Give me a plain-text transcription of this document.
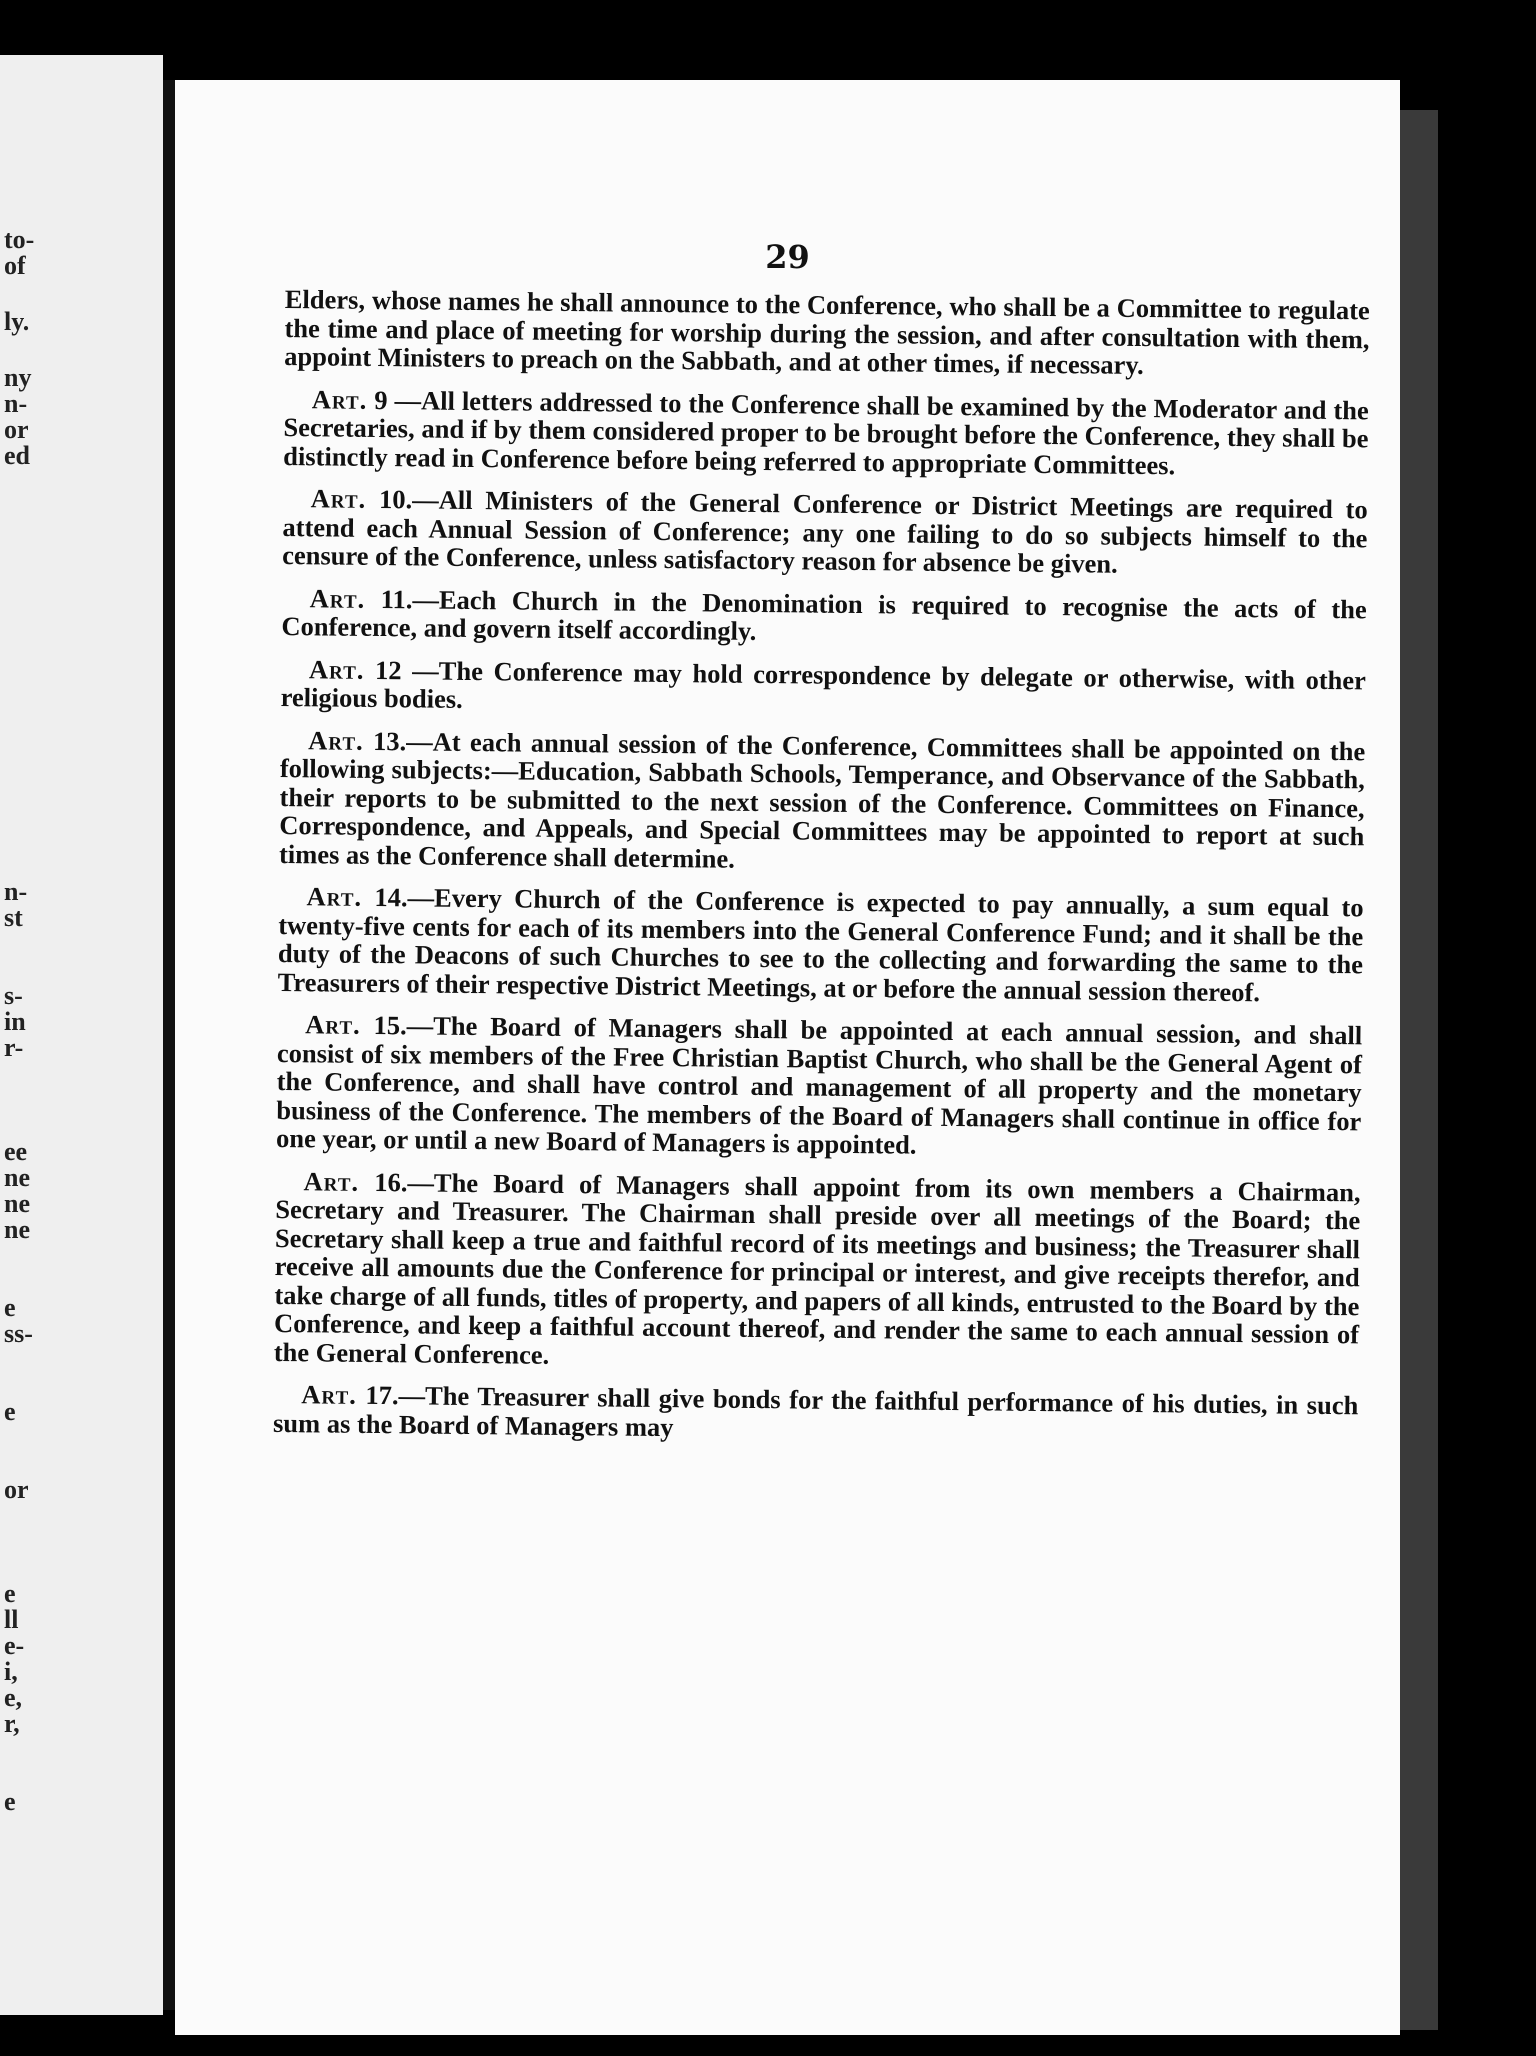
to-
of
ly.
ny
n-
or
ed
n-
st
s-
in
r-
ee
ne
ne
ne
e
ss-
e
or
e
ll
e-
i,
e,
r,
e
29

Elders, whose names he shall announce to the Conference, who shall be a Committee to regulate the time and place of meeting for worship during the session, and after consultation with them, appoint Ministers to preach on the Sabbath, and at other times, if necessary.

Art. 9 —All letters addressed to the Conference shall be examined by the Moderator and the Secretaries, and if by them considered proper to be brought before the Conference, they shall be distinctly read in Conference before being referred to appropriate Committees.

Art. 10.—All Ministers of the General Conference or District Meetings are required to attend each Annual Session of Conference; any one failing to do so subjects himself to the censure of the Conference, unless satisfactory reason for absence be given.

Art. 11.—Each Church in the Denomination is required to recognise the acts of the Conference, and govern itself accordingly.

Art. 12 —The Conference may hold correspondence by delegate or otherwise, with other religious bodies.

Art. 13.—At each annual session of the Conference, Committees shall be appointed on the following subjects:—Education, Sabbath Schools, Temperance, and Observance of the Sabbath, their reports to be submitted to the next session of the Conference. Committees on Finance, Correspondence, and Appeals, and Special Committees may be appointed to report at such times as the Conference shall determine.

Art. 14.—Every Church of the Conference is expected to pay annually, a sum equal to twenty-five cents for each of its members into the General Conference Fund; and it shall be the duty of the Deacons of such Churches to see to the collecting and forwarding the same to the Treasurers of their respective District Meetings, at or before the annual session thereof.

Art. 15.—The Board of Managers shall be appointed at each annual session, and shall consist of six members of the Free Christian Baptist Church, who shall be the General Agent of the Conference, and shall have control and management of all property and the monetary business of the Conference. The members of the Board of Managers shall continue in office for one year, or until a new Board of Managers is appointed.

Art. 16.—The Board of Managers shall appoint from its own members a Chairman, Secretary and Treasurer. The Chairman shall preside over all meetings of the Board; the Secretary shall keep a true and faithful record of its meetings and business; the Treasurer shall receive all amounts due the Conference for principal or interest, and give receipts therefor, and take charge of all funds, titles of property, and papers of all kinds, entrusted to the Board by the Conference, and keep a faithful account thereof, and render the same to each annual session of the General Conference.

Art. 17.—The Treasurer shall give bonds for the faithful performance of his duties, in such sum as the Board of Managers may
